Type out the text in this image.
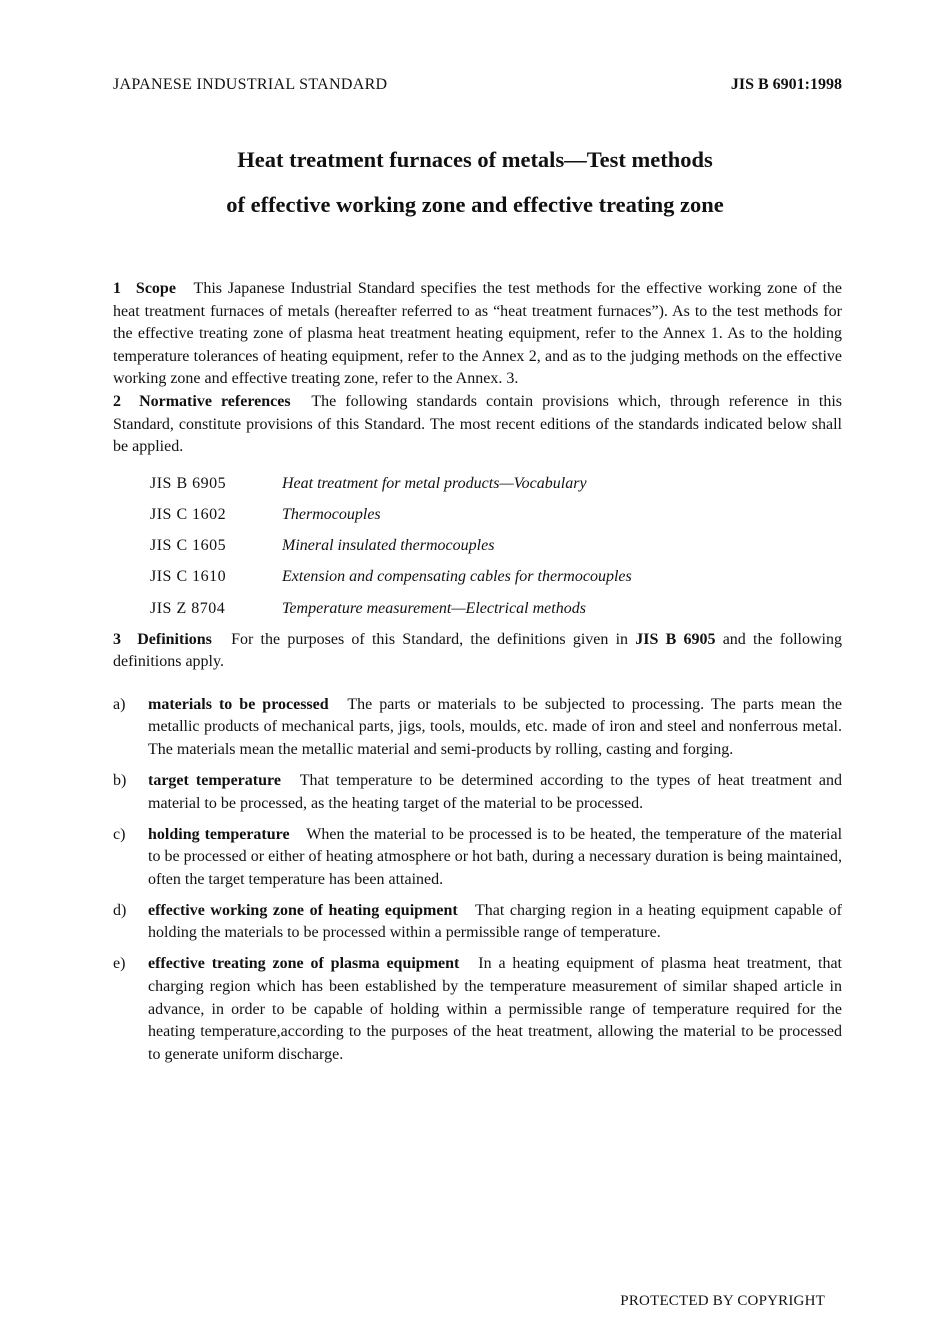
JAPANESE INDUSTRIAL STANDARD	JIS B 6901:1998
Heat treatment furnaces of metals—Test methods
of effective working zone and effective treating zone

1 Scope This Japanese Industrial Standard specifies the test methods for the effective working zone of the heat treatment furnaces of metals (hereafter referred to as “heat treatment furnaces”). As to the test methods for the effective treating zone of plasma heat treatment heating equipment, refer to the Annex 1. As to the holding temperature tolerances of heating equipment, refer to the Annex 2, and as to the judging methods on the effective working zone and effective treating zone, refer to the Annex. 3.

2 Normative references The following standards contain provisions which, through reference in this Standard, constitute provisions of this Standard. The most recent editions of the standards indicated below shall be applied.

JIS B 6905	Heat treatment for metal products—Vocabulary
JIS C 1602	Thermocouples
JIS C 1605	Mineral insulated thermocouples
JIS C 1610	Extension and compensating cables for thermocouples
JIS Z 8704	Temperature measurement—Electrical methods

3 Definitions For the purposes of this Standard, the definitions given in JIS B 6905 and the following definitions apply.

a)	materials to be processed The parts or materials to be subjected to processing. The parts mean the metallic products of mechanical parts, jigs, tools, moulds, etc. made of iron and steel and nonferrous metal. The materials mean the metallic material and semi-products by rolling, casting and forging.
b)	target temperature That temperature to be determined according to the types of heat treatment and material to be processed, as the heating target of the material to be processed.
c)	holding temperature When the material to be processed is to be heated, the temperature of the material to be processed or either of heating atmosphere or hot bath, during a necessary duration is being maintained, often the target temperature has been attained.
d)	effective working zone of heating equipment That charging region in a heating equipment capable of holding the materials to be processed within a permissible range of temperature.
e)	effective treating zone of plasma equipment In a heating equipment of plasma heat treatment, that charging region which has been established by the temperature measurement of similar shaped article in advance, in order to be capable of holding within a permissible range of temperature required for the heating temperature,according to the purposes of the heat treatment, allowing the material to be processed to generate uniform discharge.
PROTECTED BY COPYRIGHT
